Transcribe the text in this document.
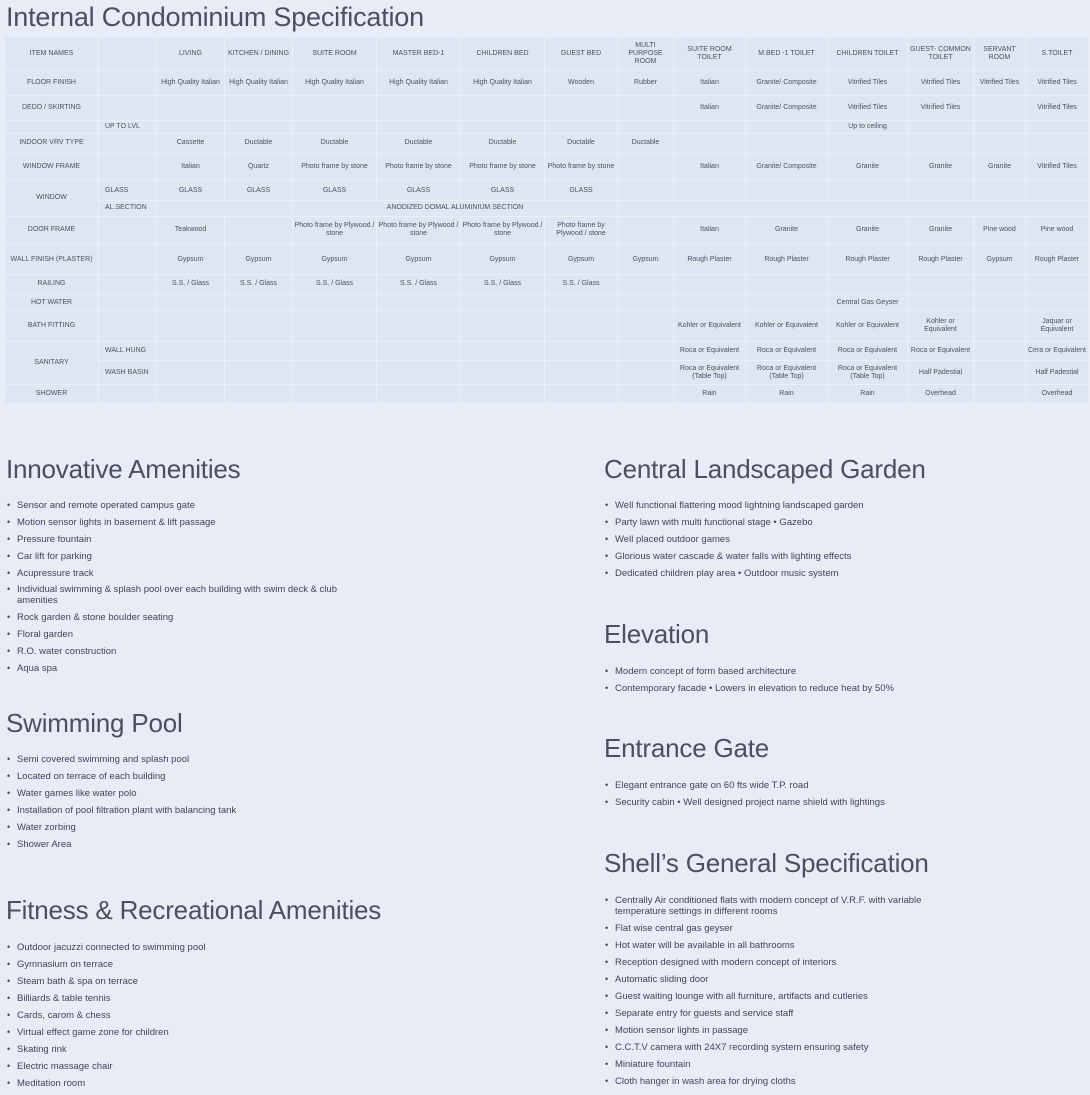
Internal Condominium Specification
ITEM NAMES		LIVING	KITCHEN / DINING	SUITE ROOM	MASTER BED-1	CHILDREN BED	GUEST BED	MULTI PURPOSE ROOM	SUITE ROOM TOILET	M.BED -1 TOILET	CHILDREN TOILET	GUEST- COMMON TOILET	SERVANT ROOM	S.TOILET
FLOOR FINISH		High Quality Italian	High Quality Italian	High Quality Italian	High Quality Italian	High Quality Italian	Wooden	Rubber	Italian	Granite/ Composite	Vitrified Tiles	Vitrified Tiles	Vitrified Tiles	Vitrified Tiles
DEDO / SKIRTING									Italian	Granite/ Composite	Vitrified Tiles	Vitrified Tiles		Vitrified Tiles
	UP TO LVL										Up to ceiling			
INDOOR VRV TYPE		Cassette	Ductable	Ductable	Ductable	Ductable	Ductable	Ductable						
WINDOW FRAME		Italian	Quartz	Photo frame by stone	Photo frame by stone	Photo frame by stone	Photo frame by stone		Italian	Granite/ Composite	Granite	Granite	Granite	Vitrified Tiles
WINDOW	GLASS	GLASS	GLASS	GLASS	GLASS	GLASS	GLASS							
	AL.SECTION			ANODIZED DOMAL ALUMINIUM SECTION										
DOOR FRAME		Teakwood		Photo frame by Plywood / stone	Photo frame by Plywood / stone	Photo frame by Plywood / stone	Photo frame by Plywood / stone		Italian	Granite	Granite	Granite	Pine wood	Pine wood
WALL FINISH (PLASTER)		Gypsum	Gypsum	Gypsum	Gypsum	Gypsum	Gypsum	Gypsum	Rough Plaster	Rough Plaster	Rough Plaster	Rough Plaster	Gypsum	Rough Plaster
RAILING		S.S. / Glass	S.S. / Glass	S.S. / Glass	S.S. / Glass	S.S. / Glass	S.S. / Glass							
HOT WATER											Central Gas Geyser			
BATH FITTING									Kohler or Equivalent	Kohler or Equivalent	Kohler or Equivalent	Kohler or Equivalent		Jaquar or Equivalent
SANITARY	WALL HUNG								Roca or Equivalent	Roca or Equivalent	Roca or Equivalent	Roca or Equivalent		Cera or Equivalent
	WASH BASIN								Roca or Equivalent (Table Top)	Roca or Equivalent (Table Top)	Roca or Equivalent (Table Top)	Half Padestial		Half Padestial
SHOWER									Rain	Rain	Rain	Overhead		Overhead
Innovative Amenities
• Sensor and remote operated campus gate
• Motion sensor lights in basement & lift passage
• Pressure fountain
• Car lift for parking
• Acupressure track
• Individual swimming & splash pool over each building with swim deck & club amenities
• Rock garden & stone boulder seating
• Floral garden
• R.O. water construction
• Aqua spa
Swimming Pool
• Semi covered swimming and splash pool
• Located on terrace of each building
• Water games like water polo
• Installation of pool filtration plant with balancing tank
• Water zorbing
• Shower Area
Fitness & Recreational Amenities
• Outdoor jacuzzi connected to swimming pool
• Gymnasium on terrace
• Steam bath & spa on terrace
• Billiards & table tennis
• Cards, carom & chess
• Virtual effect game zone for children
• Skating rink
• Electric massage chair
• Meditation room
Central Landscaped Garden
• Well functional flattering mood lightning landscaped garden
• Party lawn with multi functional stage • Gazebo
• Well placed outdoor games
• Glorious water cascade & water falls with lighting effects
• Dedicated children play area • Outdoor music system
Elevation
• Modern concept of form based architecture
• Contemporary facade • Lowers in elevation to reduce heat by 50%
Entrance Gate
• Elegant entrance gate on 60 fts wide T.P. road
• Security cabin • Well designed project name shield with lightings
Shell’s General Specification
• Centrally Air conditioned flats with modern concept of V.R.F. with variable temperature settings in different rooms
• Flat wise central gas geyser
• Hot water will be available in all bathrooms
• Reception designed with modern concept of interiors
• Automatic sliding door
• Guest waiting lounge with all furniture, artifacts and cutleries
• Separate entry for guests and service staff
• Motion sensor lights in passage
• C.C.T.V camera with 24X7 recording system ensuring safety
• Miniature fountain
• Cloth hanger in wash area for drying cloths
